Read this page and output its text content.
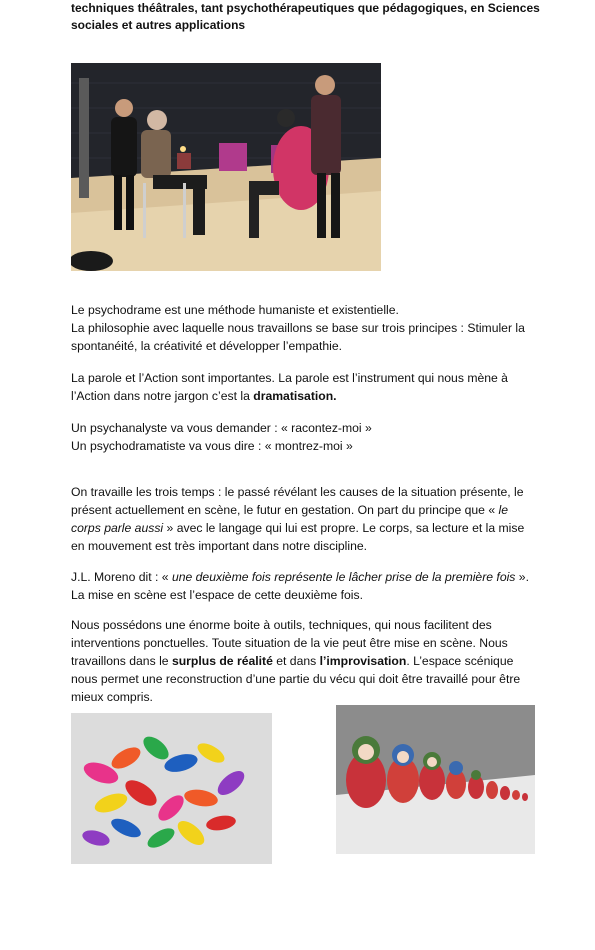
techniques théâtrales, tant psychothérapeutiques que pédagogiques, en Sciences sociales et autres applications

Le psychodrame est une méthode humaniste et existentielle.

La philosophie avec laquelle nous travaillons se base sur trois principes : Stimuler la spontanéité, la créativité et développer l’empathie.

La parole et l’Action sont importantes. La parole est l’instrument qui nous mène à l’Action dans notre jargon c’est la dramatisation.

Un psychanalyste va vous demander : « racontez-moi »

Un psychodramatiste va vous dire : « montrez-moi »

On travaille les trois temps : le passé révélant les causes de la situation présente, le présent actuellement en scène, le futur en gestation. On part du principe que « le corps parle aussi » avec le langage qui lui est propre. Le corps, sa lecture et la mise en mouvement est très important dans notre discipline.

J.L. Moreno dit : « une deuxième fois représente le lâcher prise de la première fois ». La mise en scène est l’espace de cette deuxième fois.

Nous possédons une énorme boite à outils, techniques, qui nous facilitent des interventions ponctuelles. Toute situation de la vie peut être mise en scène. Nous travaillons dans le surplus de réalité et dans l’improvisation. L’espace scénique nous permet une reconstruction d’une partie du vécu qui doit être travaillé pour être mieux compris.
